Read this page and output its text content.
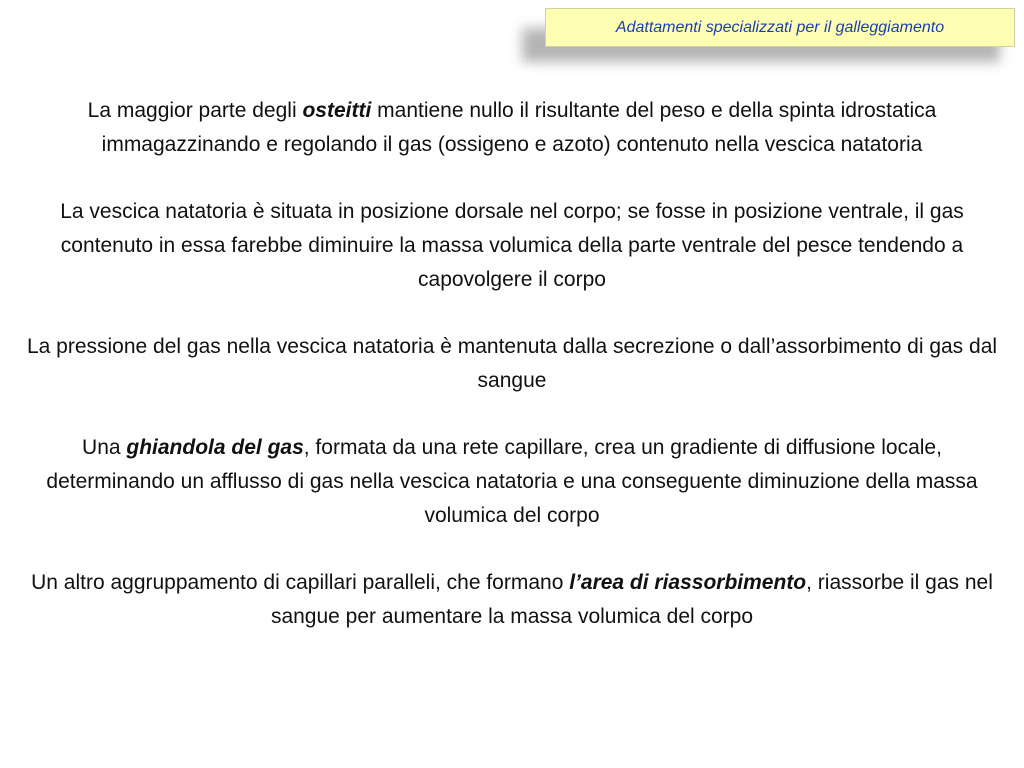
Adattamenti specializzati per il galleggiamento

La maggior parte degli osteitti mantiene nullo il risultante del peso e della spinta idrostatica immagazzinando e regolando il gas (ossigeno e azoto) contenuto nella vescica natatoria

La vescica natatoria è situata in posizione dorsale nel corpo; se fosse in posizione ventrale, il gas contenuto in essa farebbe diminuire la massa volumica della parte ventrale del pesce tendendo a capovolgere il corpo

La pressione del gas nella vescica natatoria è mantenuta dalla secrezione o dall’assorbimento di gas dal sangue

Una ghiandola del gas, formata da una rete capillare, crea un gradiente di diffusione locale, determinando un afflusso di gas nella vescica natatoria e una conseguente diminuzione della massa volumica del corpo

Un altro aggruppamento di capillari paralleli, che formano l’area di riassorbimento, riassorbe il gas nel sangue per aumentare la massa volumica del corpo
